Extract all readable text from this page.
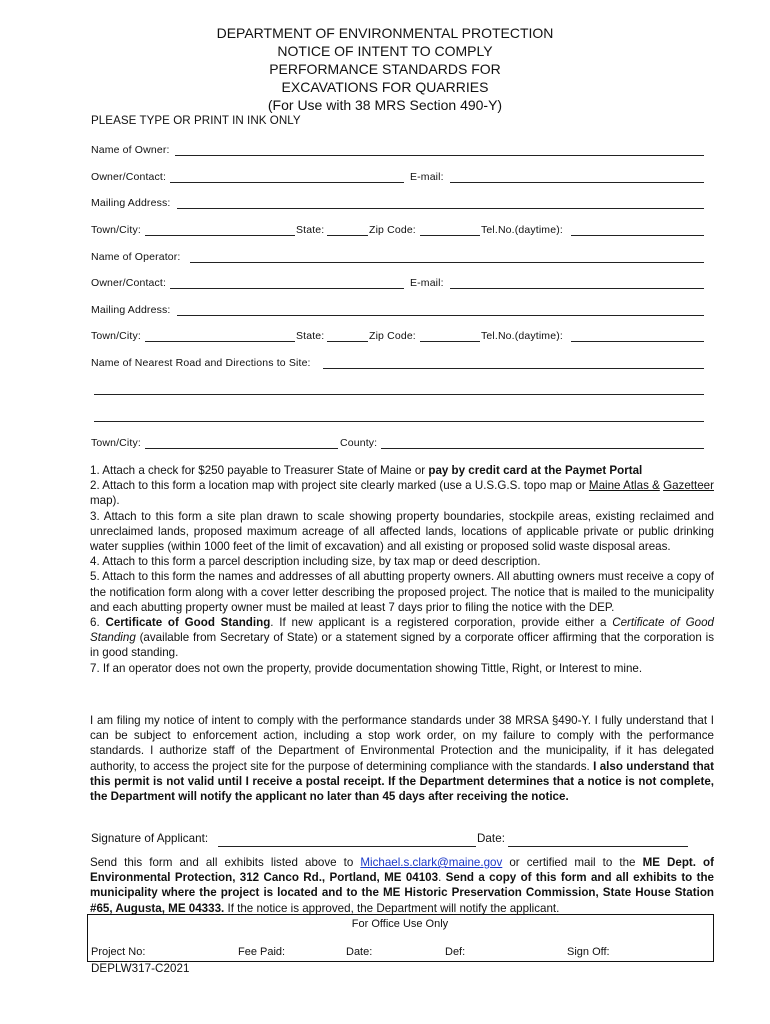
DEPARTMENT OF ENVIRONMENTAL PROTECTION
NOTICE OF INTENT TO COMPLY
PERFORMANCE STANDARDS FOR
EXCAVATIONS FOR QUARRIES
(For Use with 38 MRS Section 490-Y)
PLEASE TYPE OR PRINT IN INK ONLY
Name of Owner:
Owner/Contact:	E-mail:
Mailing Address:
Town/City:	State:	Zip Code:	Tel.No.(daytime):
Name of Operator:
Owner/Contact:	E-mail:
Mailing Address:
Town/City:	State:	Zip Code:	Tel.No.(daytime):
Name of Nearest Road and Directions to Site:
Town/City:	County:
1. Attach a check for $250 payable to Treasurer State of Maine or pay by credit card at the Paymet Portal
2. Attach to this form a location map with project site clearly marked (use a U.S.G.S. topo map or Maine Atlas & Gazetteer map).
3. Attach to this form a site plan drawn to scale showing property boundaries, stockpile areas, existing reclaimed and unreclaimed lands, proposed maximum acreage of all affected lands, locations of applicable private or public drinking water supplies (within 1000 feet of the limit of excavation) and all existing or proposed solid waste disposal areas.
4. Attach to this form a parcel description including size, by tax map or deed description.
5. Attach to this form the names and addresses of all abutting property owners. All abutting owners must receive a copy of the notification form along with a cover letter describing the proposed project. The notice that is mailed to the municipality and each abutting property owner must be mailed at least 7 days prior to filing the notice with the DEP.
6. Certificate of Good Standing. If new applicant is a registered corporation, provide either a Certificate of Good Standing (available from Secretary of State) or a statement signed by a corporate officer affirming that the corporation is in good standing.
7. If an operator does not own the property, provide documentation showing Tittle, Right, or Interest to mine.
I am filing my notice of intent to comply with the performance standards under 38 MRSA §490-Y. I fully understand that I can be subject to enforcement action, including a stop work order, on my failure to comply with the performance standards. I authorize staff of the Department of Environmental Protection and the municipality, if it has delegated authority, to access the project site for the purpose of determining compliance with the standards. I also understand that this permit is not valid until I receive a postal receipt. If the Department determines that a notice is not complete, the Department will notify the applicant no later than 45 days after receiving the notice.
Signature of Applicant:	Date:
Send this form and all exhibits listed above to Michael.s.clark@maine.gov or certified mail to the ME Dept. of Environmental Protection, 312 Canco Rd., Portland, ME 04103. Send a copy of this form and all exhibits to the municipality where the project is located and to the ME Historic Preservation Commission, State House Station #65, Augusta, ME 04333. If the notice is approved, the Department will notify the applicant.
For Office Use Only
Project No:	Fee Paid:	Date:	Def:	Sign Off:
DEPLW317-C2021
